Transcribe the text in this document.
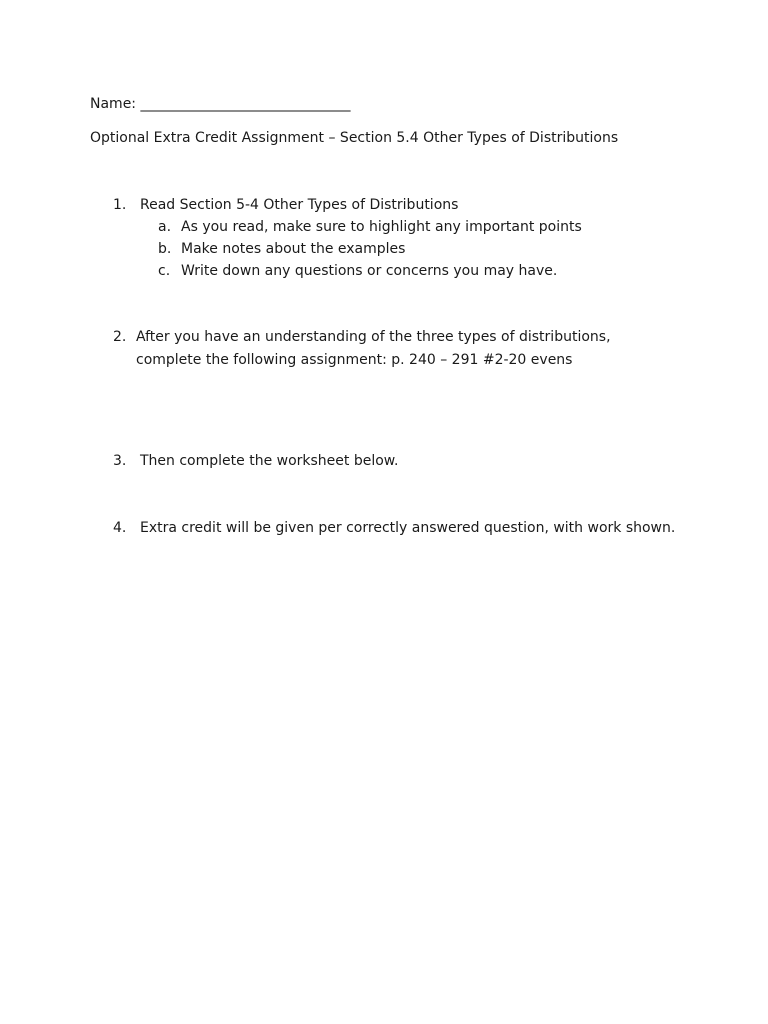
Name: ______________________________
Optional Extra Credit Assignment – Section 5.4 Other Types of Distributions
1. Read Section 5-4 Other Types of Distributions
a. As you read, make sure to highlight any important points
b. Make notes about the examples
c. Write down any questions or concerns you may have.
2. After you have an understanding of the three types of distributions,
complete the following assignment: p. 240 – 291 #2-20 evens
3. Then complete the worksheet below.
4. Extra credit will be given per correctly answered question, with work shown.
